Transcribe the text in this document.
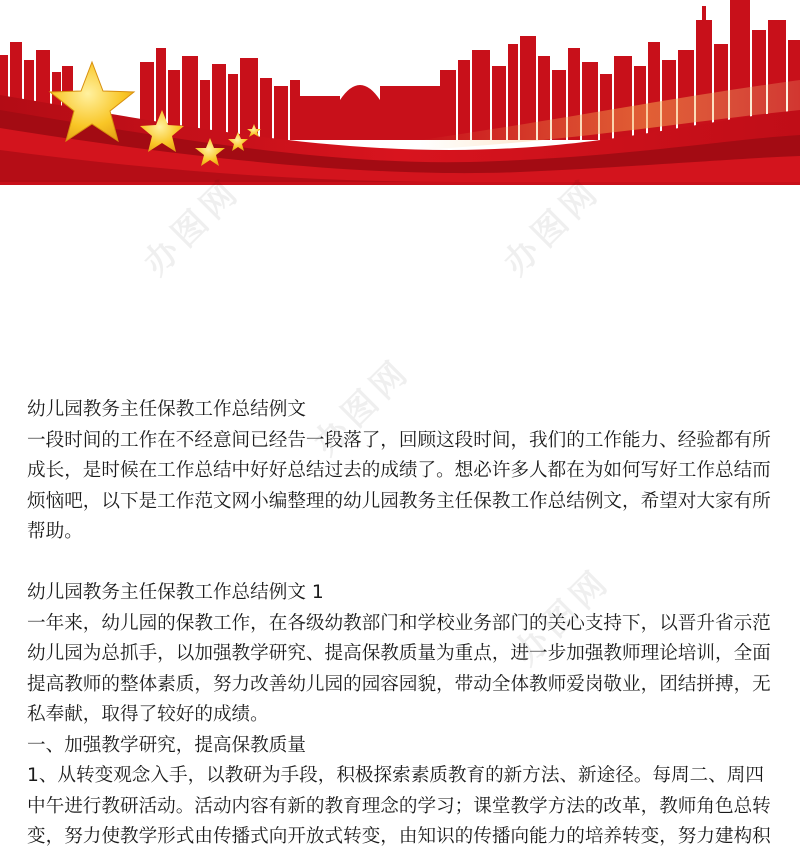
办图网	办图网
办图网
办图网

幼儿园教务主任保教工作总结例文

一段时间的工作在不经意间已经告一段落了，回顾这段时间，我们的工作能力、经验都有所

成长，是时候在工作总结中好好总结过去的成绩了。想必许多人都在为如何写好工作总结而

烦恼吧，以下是工作范文网小编整理的幼儿园教务主任保教工作总结例文，希望对大家有所

帮助。

幼儿园教务主任保教工作总结例文 1

一年来，幼儿园的保教工作，在各级幼教部门和学校业务部门的关心支持下，以晋升省示范

幼儿园为总抓手，以加强教学研究、提高保教质量为重点，进一步加强教师理论培训，全面

提高教师的整体素质，努力改善幼儿园的园容园貌，带动全体教师爱岗敬业，团结拼搏，无

私奉献，取得了较好的成绩。

一、加强教学研究，提高保教质量

1、从转变观念入手，以教研为手段，积极探索素质教育的新方法、新途径。每周二、周四

中午进行教研活动。活动内容有新的教育理念的学习；课堂教学方法的改革，教师角色总转

变，努力使教学形式由传播式向开放式转变，由知识的传播向能力的培养转变，努力建构积
